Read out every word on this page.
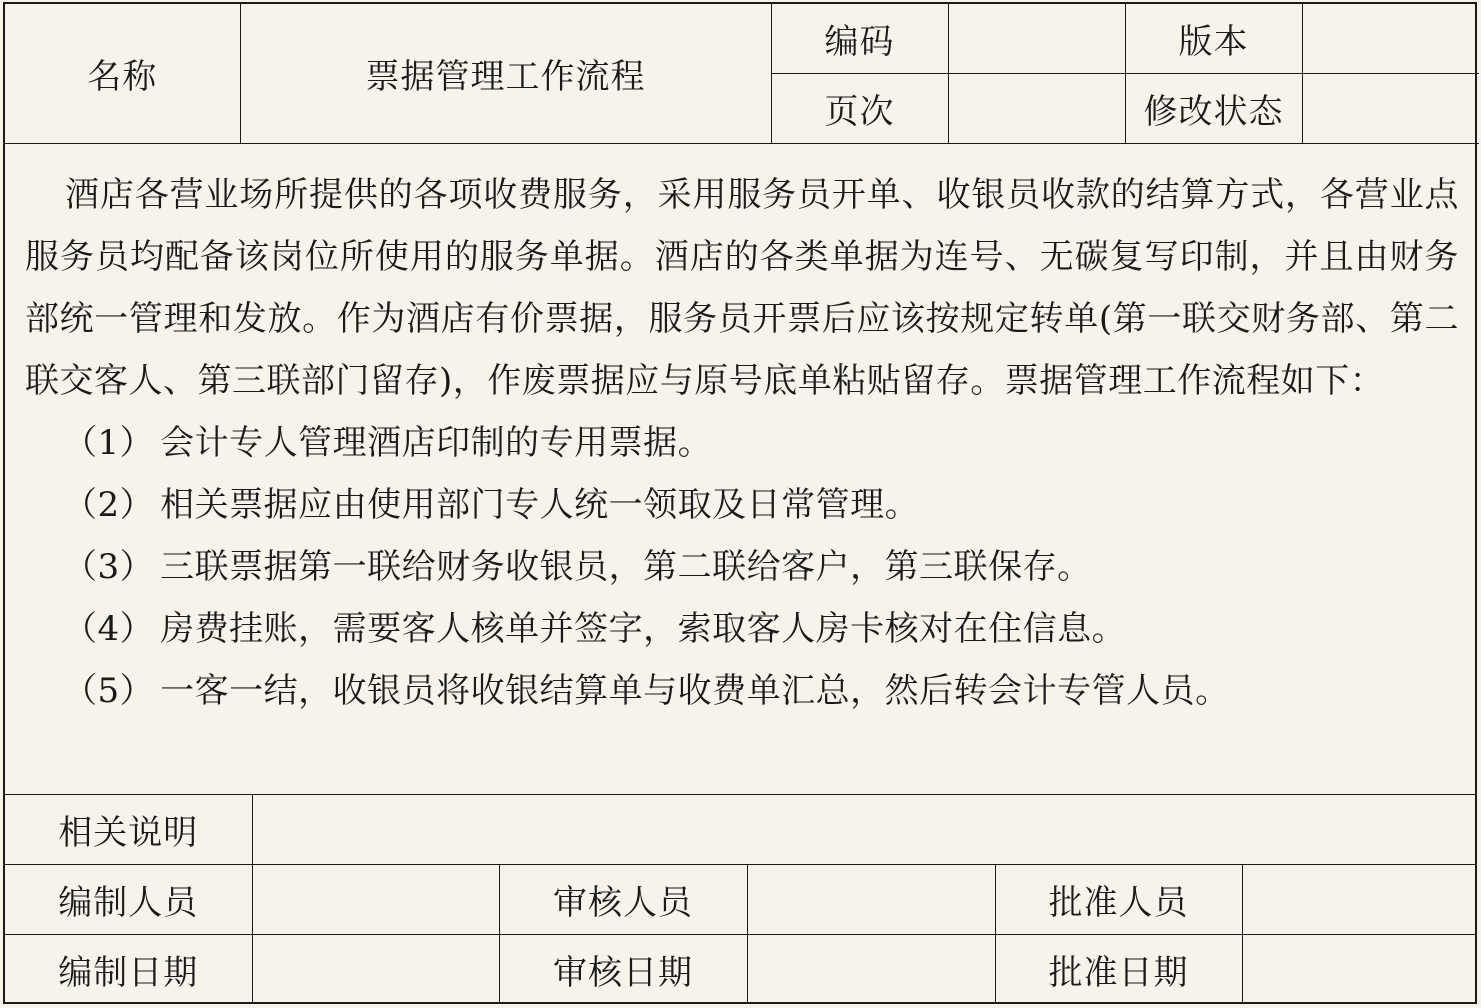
名称	票据管理工作流程	编码		版本	
		页次		修改状态	

酒店各营业场所提供的各项收费服务，采用服务员开单、收银员收款的结算方式，各营业点服务员均配备该岗位所使用的服务单据。酒店的各类单据为连号、无碳复写印制，并且由财务部统一管理和发放。作为酒店有价票据，服务员开票后应该按规定转单(第一联交财务部、第二联交客人、第三联部门留存)，作废票据应与原号底单粘贴留存。票据管理工作流程如下：

（1） 会计专人管理酒店印制的专用票据。
（2） 相关票据应由使用部门专人统一领取及日常管理。
（3） 三联票据第一联给财务收银员，第二联给客户，第三联保存。
（4） 房费挂账，需要客人核单并签字，索取客人房卡核对在住信息。
（5） 一客一结，收银员将收银结算单与收费单汇总，然后转会计专管人员。
相关说明					
编制人员		审核人员		批准人员	
编制日期		审核日期		批准日期	
